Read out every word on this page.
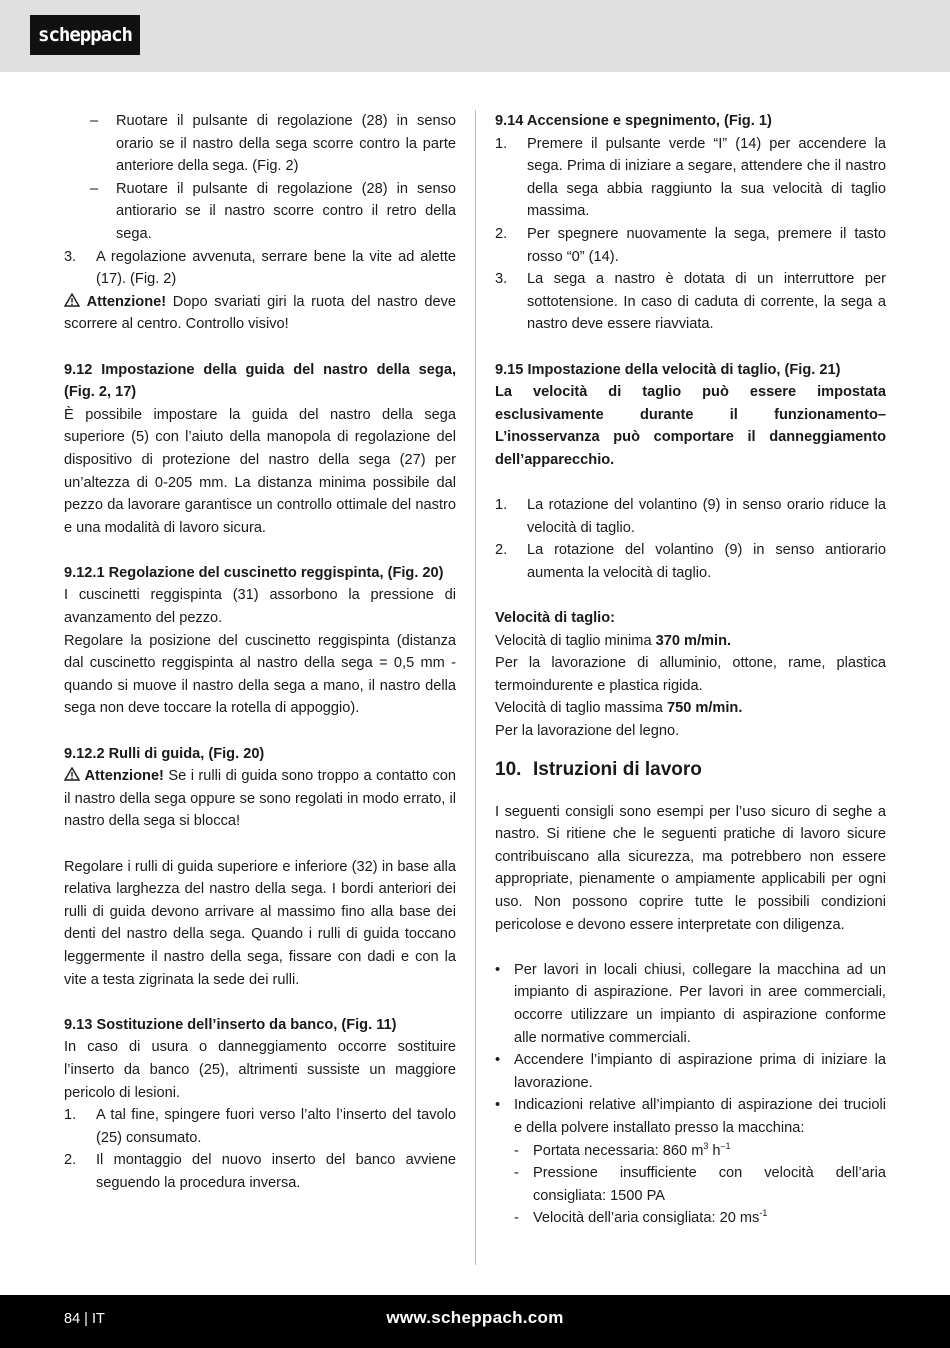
scheppach
–	Ruotare il pulsante di regolazione (28) in senso orario se il nastro della sega scorre contro la parte anteriore della sega. (Fig. 2)
–	Ruotare il pulsante di regolazione (28) in senso antiorario se il nastro scorre contro il retro della sega.
3.	A regolazione avvenuta, serrare bene la vite ad alette (17). (Fig. 2)

Attenzione! Dopo svariati giri la ruota del nastro deve scorrere al centro. Controllo visivo!

9.12 Impostazione della guida del nastro della sega, (Fig. 2, 17)

È possibile impostare la guida del nastro della sega superiore (5) con l’aiuto della manopola di regolazione del dispositivo di protezione del nastro della sega (27) per un’altezza di 0-205 mm. La distanza minima possibile dal pezzo da lavorare garantisce un controllo ottimale del nastro e una modalità di lavoro sicura.

9.12.1 Regolazione del cuscinetto reggispinta, (Fig. 20)

I cuscinetti reggispinta (31) assorbono la pressione di avanzamento del pezzo.

Regolare la posizione del cuscinetto reggispinta (distanza dal cuscinetto reggispinta al nastro della sega = 0,5 mm - quando si muove il nastro della sega a mano, il nastro della sega non deve toccare la rotella di appoggio).

9.12.2 Rulli di guida, (Fig. 20)

Attenzione! Se i rulli di guida sono troppo a contatto con il nastro della sega oppure se sono regolati in modo errato, il nastro della sega si blocca!

Regolare i rulli di guida superiore e inferiore (32) in base alla relativa larghezza del nastro della sega. I bordi anteriori dei rulli di guida devono arrivare al massimo fino alla base dei denti del nastro della sega. Quando i rulli di guida toccano leggermente il nastro della sega, fissare con dadi e con la vite a testa zigrinata la sede dei rulli.

9.13 Sostituzione dell’inserto da banco, (Fig. 11)

In caso di usura o danneggiamento occorre sostituire l’inserto da banco (25), altrimenti sussiste un maggiore pericolo di lesioni.

1.	A tal fine, spingere fuori verso l’alto l’inserto del tavolo (25) consumato.
2.	Il montaggio del nuovo inserto del banco avviene seguendo la procedura inversa.

9.14 Accensione e spegnimento, (Fig. 1)

1.	Premere il pulsante verde “I” (14) per accendere la sega. Prima di iniziare a segare, attendere che il nastro della sega abbia raggiunto la sua velocità di taglio massima.
2.	Per spegnere nuovamente la sega, premere il tasto rosso “0” (14).
3.	La sega a nastro è dotata di un interruttore per sottotensione. In caso di caduta di corrente, la sega a nastro deve essere riavviata.

9.15 Impostazione della velocità di taglio, (Fig. 21)

La velocità di taglio può essere impostata esclusivamente durante il funzionamento– L’inosservanza può comportare il danneggiamento dell’apparecchio.

1.	La rotazione del volantino (9) in senso orario riduce la velocità di taglio.
2.	La rotazione del volantino (9) in senso antiorario aumenta la velocità di taglio.

Velocità di taglio:

Velocità di taglio minima 370 m/min.

Per la lavorazione di alluminio, ottone, rame, plastica termoindurente e plastica rigida.

Velocità di taglio massima 750 m/min.

Per la lavorazione del legno.

10. Istruzioni di lavoro

I seguenti consigli sono esempi per l’uso sicuro di seghe a nastro. Si ritiene che le seguenti pratiche di lavoro sicure contribuiscano alla sicurezza, ma potrebbero non essere appropriate, pienamente o ampiamente applicabili per ogni uso. Non possono coprire tutte le possibili condizioni pericolose e devono essere interpretate con diligenza.

• Per lavori in locali chiusi, collegare la macchina ad un impianto di aspirazione. Per lavori in aree commerciali, occorre utilizzare un impianto di aspirazione conforme alle normative commerciali.
• Accendere l’impianto di aspirazione prima di iniziare la lavorazione.
• Indicazioni relative all’impianto di aspirazione dei trucioli e della polvere installato presso la macchina:
- Portata necessaria: 860 $m^3$ $h^{-1}$
- Pressione insufficiente con velocità dell’aria consigliata: 1500 PA
- Velocità dell’aria consigliata: 20 $ms^{-1}$
84 | IT	www.scheppach.com
